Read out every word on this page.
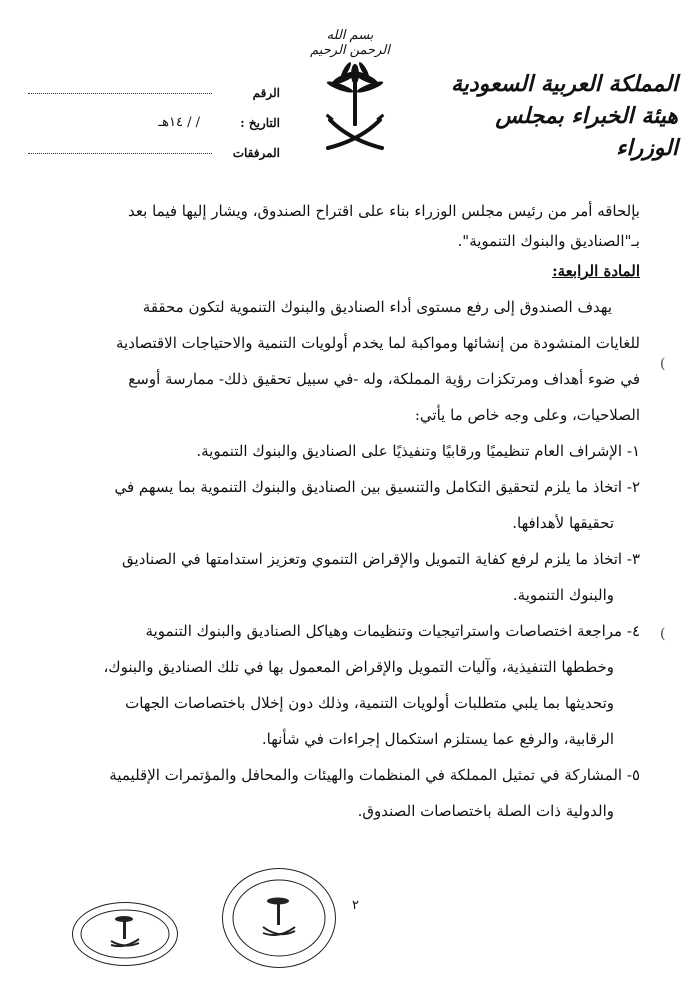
بسم الله الرحمن الرحيم
المملكة العربية السعودية
هيئة الخبراء بمجلس الوزراء
الرقم
التاريخ :
/ / ١٤هـ
المرفقات
بإلحاقه أمر من رئيس مجلس الوزراء بناء على اقتراح الصندوق، ويشار إليها فيما بعد
بـ"الصناديق والبنوك التنموية".
المادة الرابعة:
يهدف الصندوق إلى رفع مستوى أداء الصناديق والبنوك التنموية لتكون محققة
للغايات المنشودة من إنشائها ومواكبة لما يخدم أولويات التنمية والاحتياجات الاقتصادية
في ضوء أهداف ومرتكزات رؤية المملكة، وله -في سبيل تحقيق ذلك- ممارسة أوسع
الصلاحيات، وعلى وجه خاص ما يأتي:
١- الإشراف العام تنظيميًا ورقابيًا وتنفيذيًا على الصناديق والبنوك التنموية.
٢- اتخاذ ما يلزم لتحقيق التكامل والتنسيق بين الصناديق والبنوك التنموية بما يسهم في
تحقيقها لأهدافها.
٣- اتخاذ ما يلزم لرفع كفاية التمويل والإقراض التنموي وتعزيز استدامتها في الصناديق
والبنوك التنموية.
٤- مراجعة اختصاصات واستراتيجيات وتنظيمات وهياكل الصناديق والبنوك التنموية
وخططها التنفيذية، وآليات التمويل والإقراض المعمول بها في تلك الصناديق والبنوك،
وتحديثها بما يلبي متطلبات أولويات التنمية، وذلك دون إخلال باختصاصات الجهات
الرقابية، والرفع عما يستلزم استكمال إجراءات في شأنها.
٥- المشاركة في تمثيل المملكة في المنظمات والهيئات والمحافل والمؤتمرات الإقليمية
والدولية ذات الصلة باختصاصات الصندوق.
(
(
٢
